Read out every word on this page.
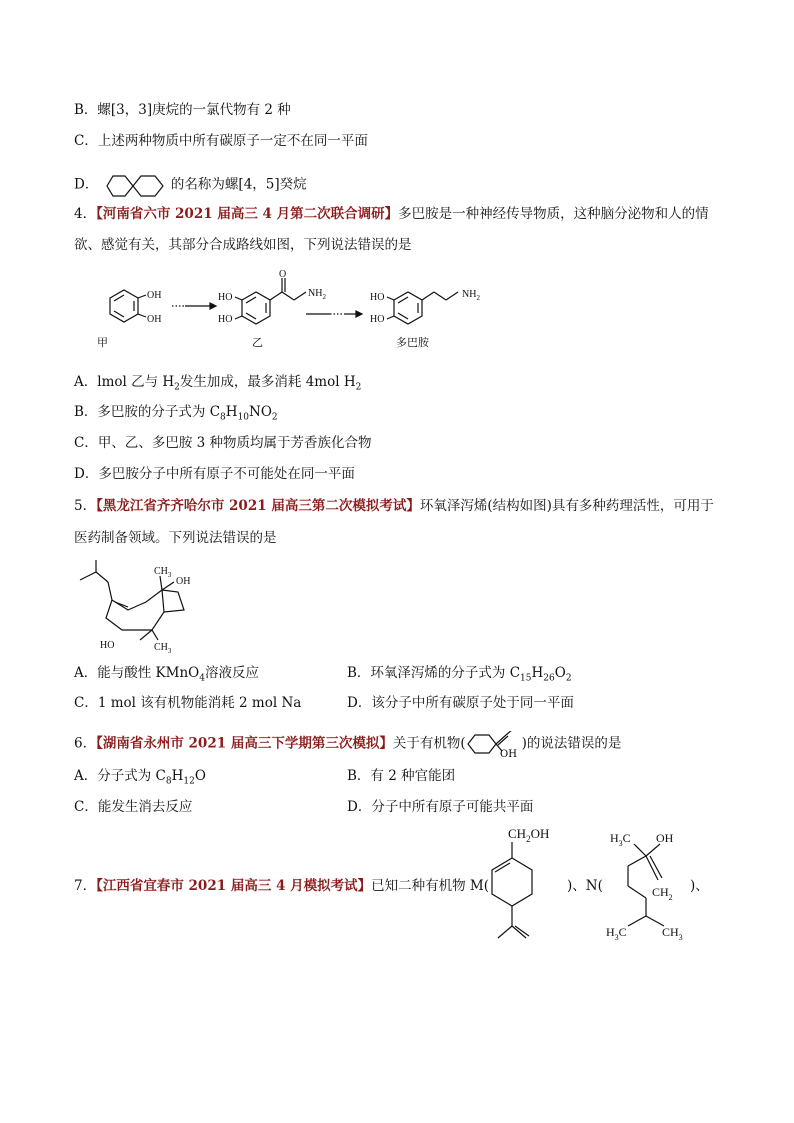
B．螺[3，3]庚烷的一氯代物有 2 种
C．上述两种物质中所有碳原子一定不在同一平面
D．	的名称为螺[4，5]癸烷
4．【河南省六市 2021 届高三 4 月第二次联合调研】多巴胺是一种神经传导物质，这种脑分泌物和人的情
欲、感觉有关，其部分合成路线如图，下列说法错误的是
OH
OH
甲
HO
HO
O
$NH_2$
乙
HO
HO
$NH_2$
多巴胺
A．lmol 乙与 $H_2$发生加成，最多消耗 4mol $H_2$
B．多巴胺的分子式为 $C_8H_{10}NO_2$
C．甲、乙、多巴胺 3 种物质均属于芳香族化合物
D．多巴胺分子中所有原子不可能处在同一平面
5．【黑龙江省齐齐哈尔市 2021 届高三第二次模拟考试】环氧泽泻烯(结构如图)具有多种药理活性，可用于
医药制备领域。下列说法错误的是
$CH_3$
OH
HO	$CH_3$
A．能与酸性 KMnO$_4$溶液反应	B．环氧泽泻烯的分子式为 $C_{15}H_{26}O_2$
C．1 mol 该有机物能消耗 2 mol Na	D．该分子中所有碳原子处于同一平面
6．【湖南省永州市 2021 届高三下学期第三次模拟】关于有机物(
OH
)的说法错误的是
A．分子式为 $C_8H_{12}O$	B．有 2 种官能团
C．能发生消去反应	D．分子中所有原子可能共平面
7．【江西省宜春市 2021 届高三 4 月模拟考试】已知二种有机物 M(	)、N(	)、
$CH_2OH$	$H_3C$ OH
$CH_2$
$H_3C$	$CH_3$
